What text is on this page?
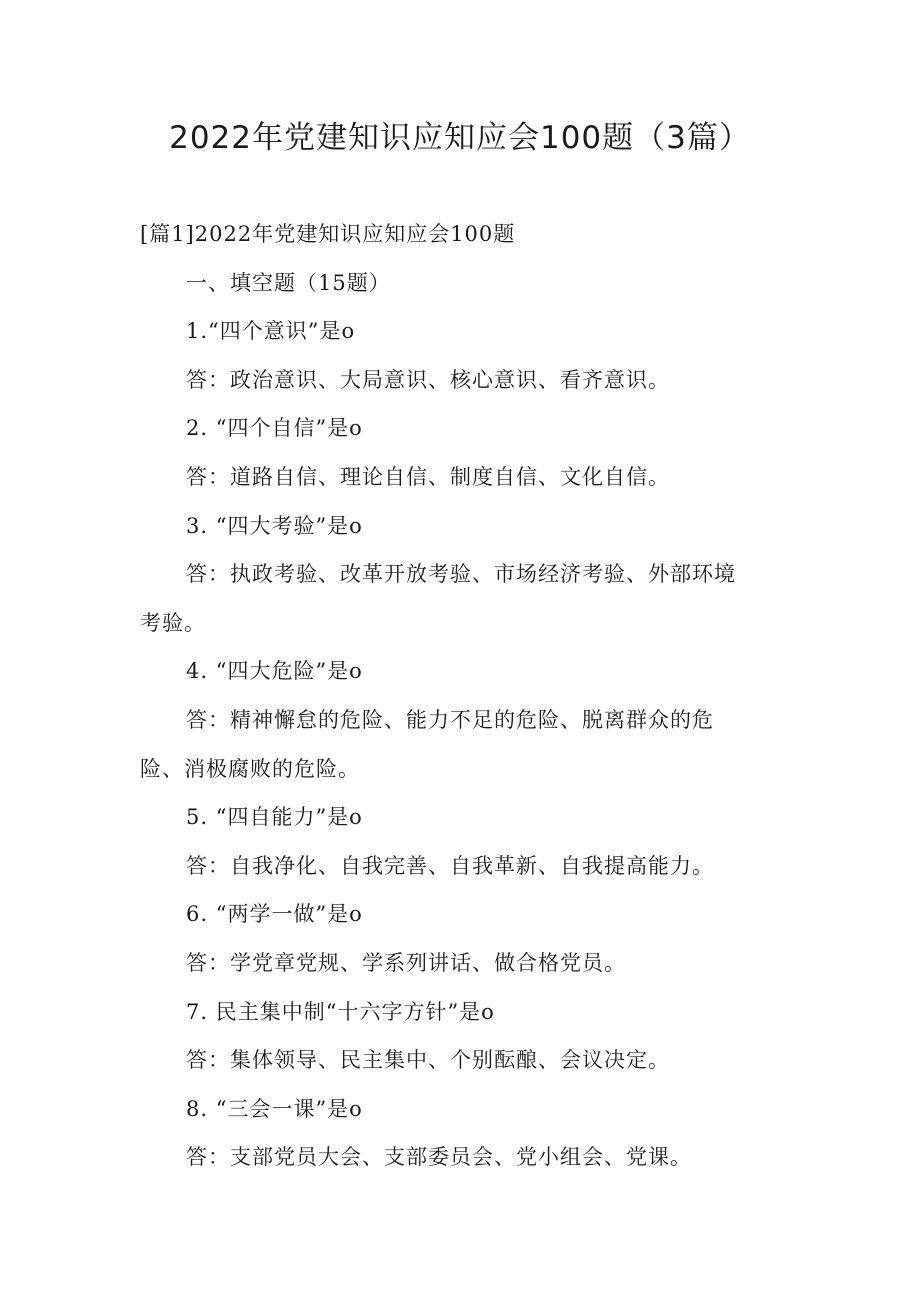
2022年党建知识应知应会100题（3篇）

[篇1]2022年党建知识应知应会100题

一、填空题（15题）

1.“四个意识”是o

答：政治意识、大局意识、核心意识、看齐意识。

2. “四个自信”是o

答：道路自信、理论自信、制度自信、文化自信。

3. “四大考验”是o

答：执政考验、改革开放考验、市场经济考验、外部环境

考验。

4. “四大危险”是o

答：精神懈怠的危险、能力不足的危险、脱离群众的危

险、消极腐败的危险。

5. “四自能力”是o

答：自我净化、自我完善、自我革新、自我提高能力。

6. “两学一做”是o

答：学党章党规、学系列讲话、做合格党员。

7. 民主集中制“十六字方针”是o

答：集体领导、民主集中、个别酝酿、会议决定。

8. “三会一课”是o

答：支部党员大会、支部委员会、党小组会、党课。
